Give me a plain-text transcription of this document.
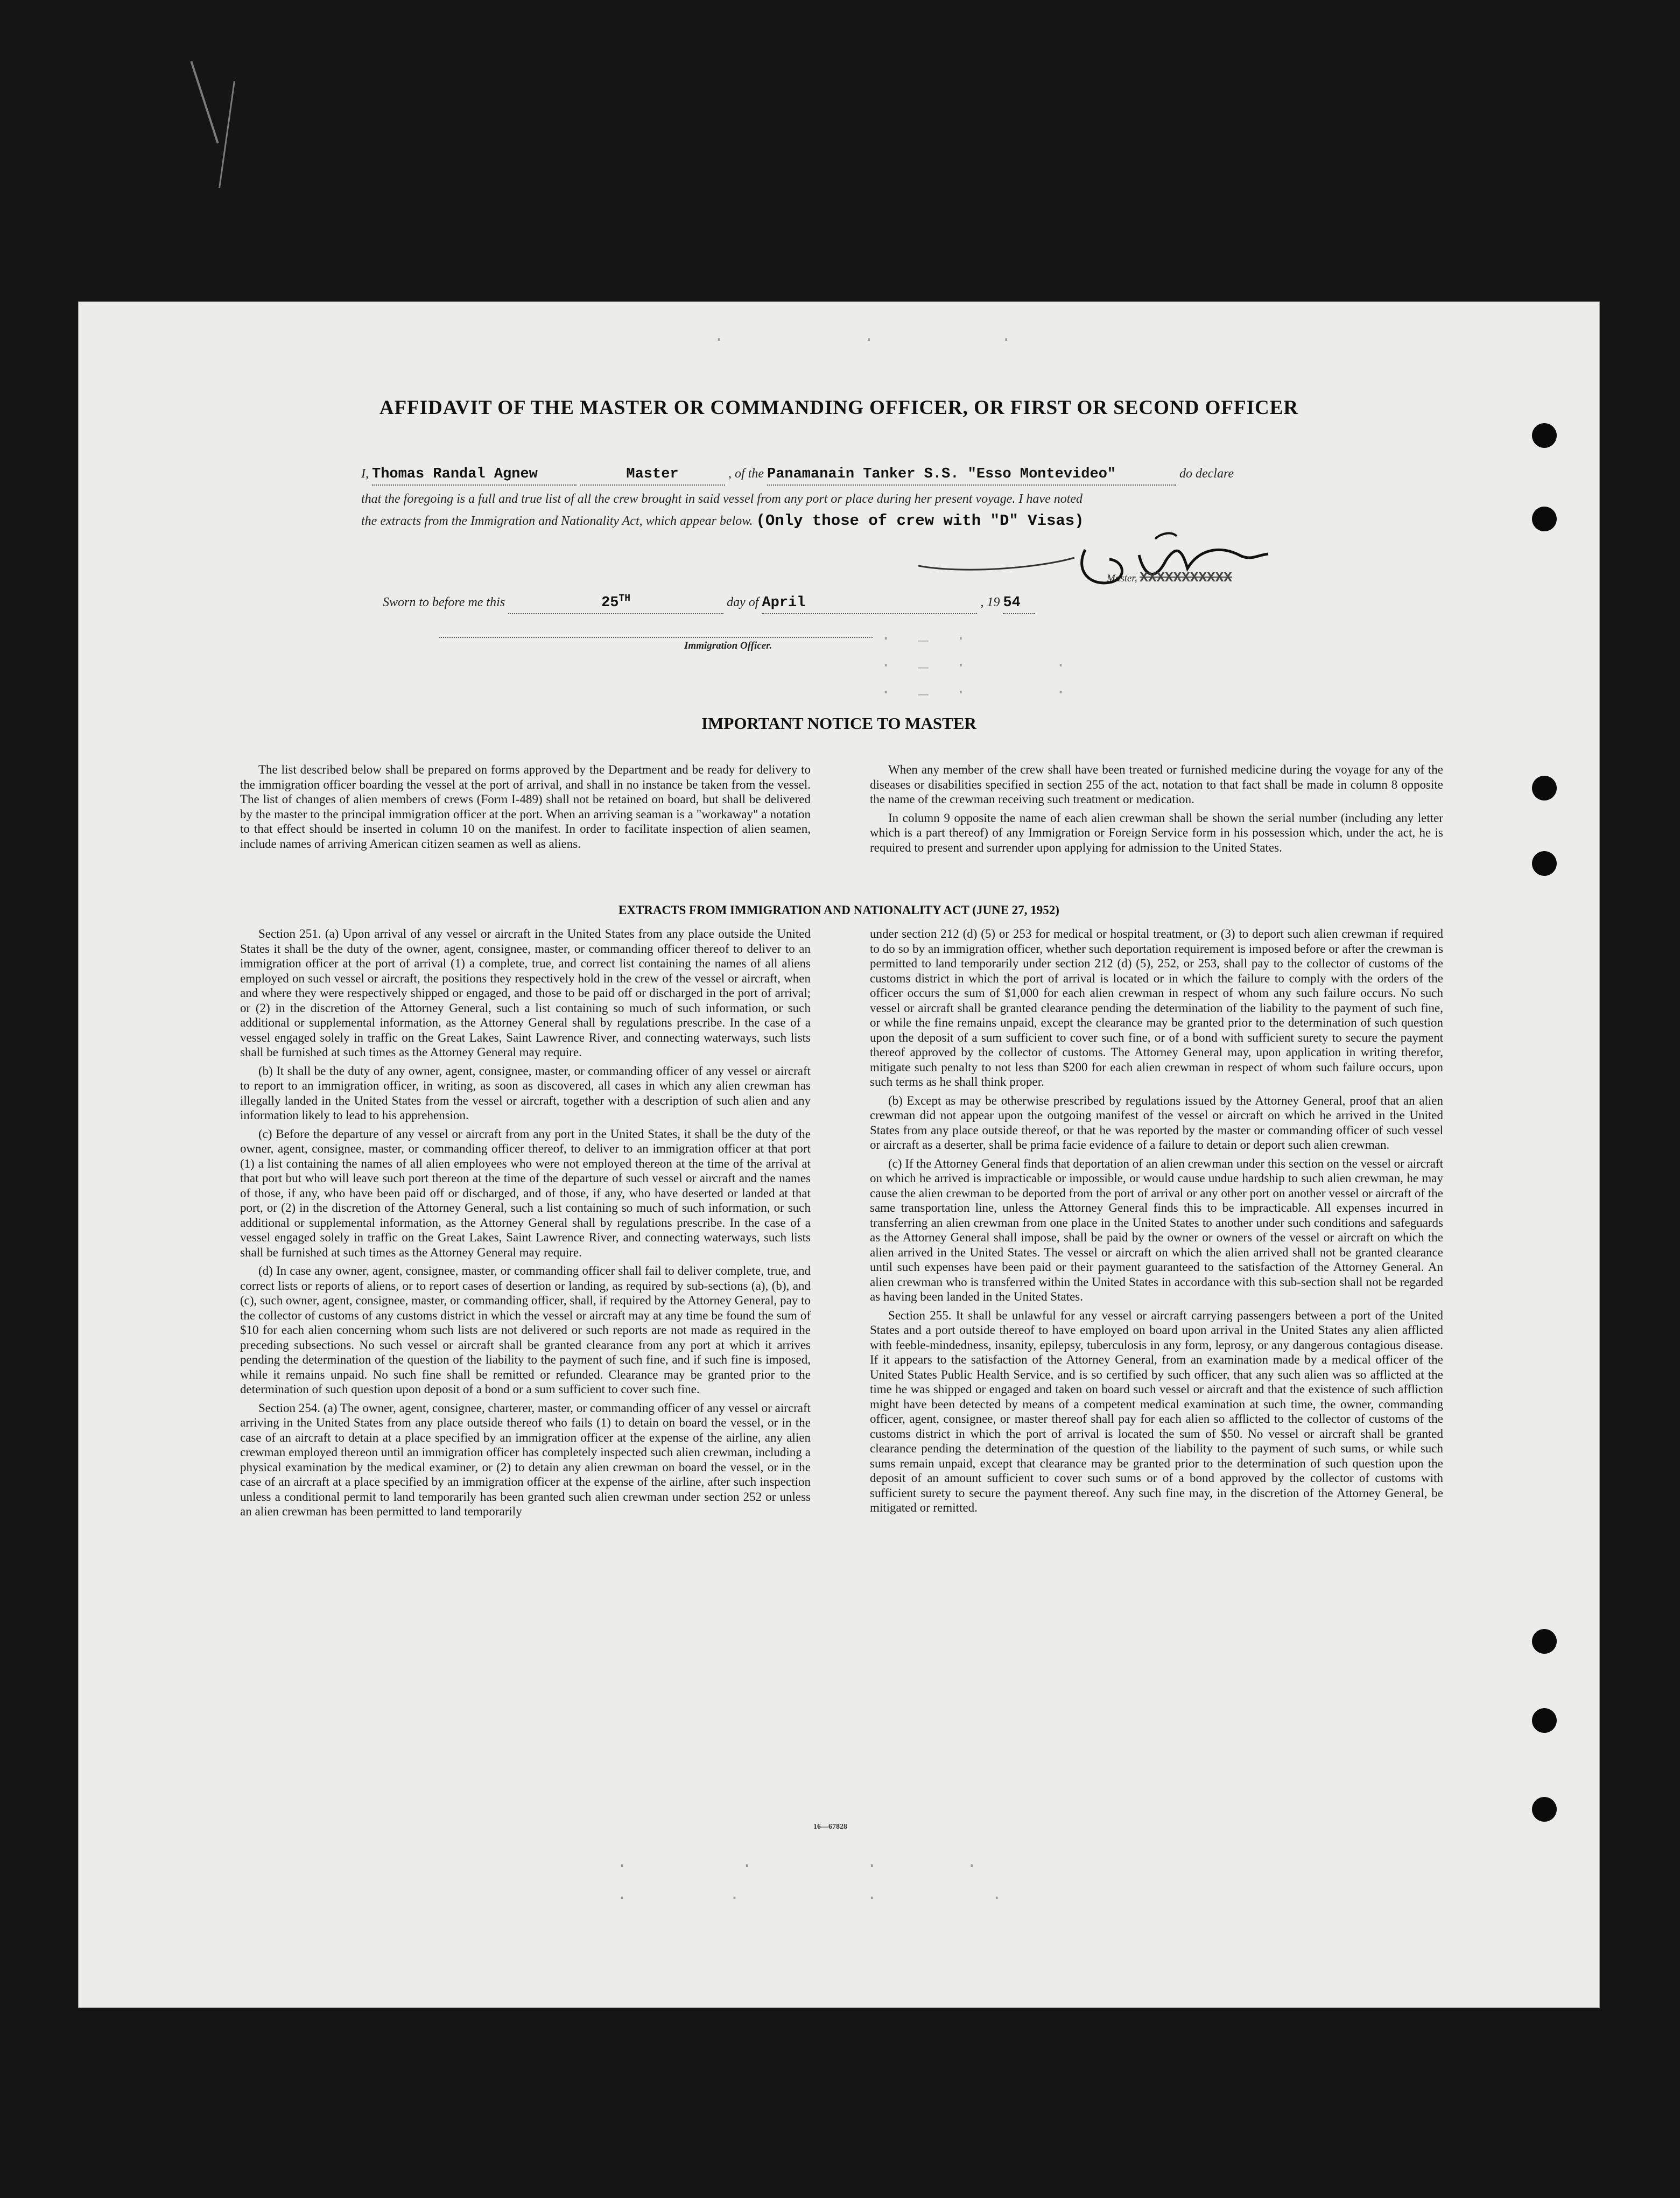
.           .          .
.  _  .
.  _  .       .
.  _  .       .
.         .         .       .
.        .          .         .
AFFIDAVIT OF THE MASTER OR COMMANDING OFFICER, OR FIRST OR SECOND OFFICER
I, Thomas Randal Agnew	Master	, of the Panamanain Tanker S.S. "Esso Montevideo"	do declare
that the foregoing is a full and true list of all the crew brought in said vessel from any port or place during her present voyage. I have noted
the extracts from the Immigration and Nationality Act, which appear below. (Only those of crew with "D" Visas)
Master, XXXXXXXXXXX
Sworn to before me this	25TH	day of April	, 19 54
Immigration Officer.
IMPORTANT NOTICE TO MASTER

The list described below shall be prepared on forms approved by the Department and be ready for delivery to the immigration officer boarding the vessel at the port of arrival, and shall in no instance be taken from the vessel. The list of changes of alien members of crews (Form I-489) shall not be retained on board, but shall be delivered by the master to the principal immigration officer at the port. When an arriving seaman is a "workaway" a notation to that effect should be inserted in column 10 on the manifest. In order to facilitate inspection of alien seamen, include names of arriving American citizen seamen as well as aliens.

When any member of the crew shall have been treated or furnished medicine during the voyage for any of the diseases or disabilities specified in section 255 of the act, notation to that fact shall be made in column 8 opposite the name of the crewman receiving such treatment or medication.

In column 9 opposite the name of each alien crewman shall be shown the serial number (including any letter which is a part thereof) of any Immigration or Foreign Service form in his possession which, under the act, he is required to present and surrender upon applying for admission to the United States.

EXTRACTS FROM IMMIGRATION AND NATIONALITY ACT (JUNE 27, 1952)

Section 251. (a) Upon arrival of any vessel or aircraft in the United States from any place outside the United States it shall be the duty of the owner, agent, consignee, master, or commanding officer thereof to deliver to an immigration officer at the port of arrival (1) a complete, true, and correct list containing the names of all aliens employed on such vessel or aircraft, the positions they respectively hold in the crew of the vessel or aircraft, when and where they were respectively shipped or engaged, and those to be paid off or discharged in the port of arrival; or (2) in the discretion of the Attorney General, such a list containing so much of such information, or such additional or supplemental information, as the Attorney General shall by regulations prescribe. In the case of a vessel engaged solely in traffic on the Great Lakes, Saint Lawrence River, and connecting waterways, such lists shall be furnished at such times as the Attorney General may require.

(b) It shall be the duty of any owner, agent, consignee, master, or commanding officer of any vessel or aircraft to report to an immigration officer, in writing, as soon as discovered, all cases in which any alien crewman has illegally landed in the United States from the vessel or aircraft, together with a description of such alien and any information likely to lead to his apprehension.

(c) Before the departure of any vessel or aircraft from any port in the United States, it shall be the duty of the owner, agent, consignee, master, or commanding officer thereof, to deliver to an immigration officer at that port (1) a list containing the names of all alien employees who were not employed thereon at the time of the arrival at that port but who will leave such port thereon at the time of the departure of such vessel or aircraft and the names of those, if any, who have been paid off or discharged, and of those, if any, who have deserted or landed at that port, or (2) in the discretion of the Attorney General, such a list containing so much of such information, or such additional or supplemental information, as the Attorney General shall by regulations prescribe. In the case of a vessel engaged solely in traffic on the Great Lakes, Saint Lawrence River, and connecting waterways, such lists shall be furnished at such times as the Attorney General may require.

(d) In case any owner, agent, consignee, master, or commanding officer shall fail to deliver complete, true, and correct lists or reports of aliens, or to report cases of desertion or landing, as required by sub-sections (a), (b), and (c), such owner, agent, consignee, master, or commanding officer, shall, if required by the Attorney General, pay to the collector of customs of any customs district in which the vessel or aircraft may at any time be found the sum of $10 for each alien concerning whom such lists are not delivered or such reports are not made as required in the preceding subsections. No such vessel or aircraft shall be granted clearance from any port at which it arrives pending the determination of the question of the liability to the payment of such fine, and if such fine is imposed, while it remains unpaid. No such fine shall be remitted or refunded. Clearance may be granted prior to the determination of such question upon deposit of a bond or a sum sufficient to cover such fine.

Section 254. (a) The owner, agent, consignee, charterer, master, or commanding officer of any vessel or aircraft arriving in the United States from any place outside thereof who fails (1) to detain on board the vessel, or in the case of an aircraft to detain at a place specified by an immigration officer at the expense of the airline, any alien crewman employed thereon until an immigration officer has completely inspected such alien crewman, including a physical examination by the medical examiner, or (2) to detain any alien crewman on board the vessel, or in the case of an aircraft at a place specified by an immigration officer at the expense of the airline, after such inspection unless a conditional permit to land temporarily has been granted such alien crewman under section 252 or unless an alien crewman has been permitted to land temporarily

under section 212 (d) (5) or 253 for medical or hospital treatment, or (3) to deport such alien crewman if required to do so by an immigration officer, whether such deportation requirement is imposed before or after the crewman is permitted to land temporarily under section 212 (d) (5), 252, or 253, shall pay to the collector of customs of the customs district in which the port of arrival is located or in which the failure to comply with the orders of the officer occurs the sum of $1,000 for each alien crewman in respect of whom any such failure occurs. No such vessel or aircraft shall be granted clearance pending the determination of the liability to the payment of such fine, or while the fine remains unpaid, except the clearance may be granted prior to the determination of such question upon the deposit of a sum sufficient to cover such fine, or of a bond with sufficient surety to secure the payment thereof approved by the collector of customs. The Attorney General may, upon application in writing therefor, mitigate such penalty to not less than $200 for each alien crewman in respect of whom such failure occurs, upon such terms as he shall think proper.

(b) Except as may be otherwise prescribed by regulations issued by the Attorney General, proof that an alien crewman did not appear upon the outgoing manifest of the vessel or aircraft on which he arrived in the United States from any place outside thereof, or that he was reported by the master or commanding officer of such vessel or aircraft as a deserter, shall be prima facie evidence of a failure to detain or deport such alien crewman.

(c) If the Attorney General finds that deportation of an alien crewman under this section on the vessel or aircraft on which he arrived is impracticable or impossible, or would cause undue hardship to such alien crewman, he may cause the alien crewman to be deported from the port of arrival or any other port on another vessel or aircraft of the same transportation line, unless the Attorney General finds this to be impracticable. All expenses incurred in transferring an alien crewman from one place in the United States to another under such conditions and safeguards as the Attorney General shall impose, shall be paid by the owner or owners of the vessel or aircraft on which the alien arrived in the United States. The vessel or aircraft on which the alien arrived shall not be granted clearance until such expenses have been paid or their payment guaranteed to the satisfaction of the Attorney General. An alien crewman who is transferred within the United States in accordance with this sub-section shall not be regarded as having been landed in the United States.

Section 255. It shall be unlawful for any vessel or aircraft carrying passengers between a port of the United States and a port outside thereof to have employed on board upon arrival in the United States any alien afflicted with feeble-mindedness, insanity, epilepsy, tuberculosis in any form, leprosy, or any dangerous contagious disease. If it appears to the satisfaction of the Attorney General, from an examination made by a medical officer of the United States Public Health Service, and is so certified by such officer, that any such alien was so afflicted at the time he was shipped or engaged and taken on board such vessel or aircraft and that the existence of such affliction might have been detected by means of a competent medical examination at such time, the owner, commanding officer, agent, consignee, or master thereof shall pay for each alien so afflicted to the collector of customs of the customs district in which the port of arrival is located the sum of $50. No vessel or aircraft shall be granted clearance pending the determination of the question of the liability to the payment of such sums, or while such sums remain unpaid, except that clearance may be granted prior to the determination of such question upon the deposit of an amount sufficient to cover such sums or of a bond approved by the collector of customs with sufficient surety to secure the payment thereof. Any such fine may, in the discretion of the Attorney General, be mitigated or remitted.

16—67828
